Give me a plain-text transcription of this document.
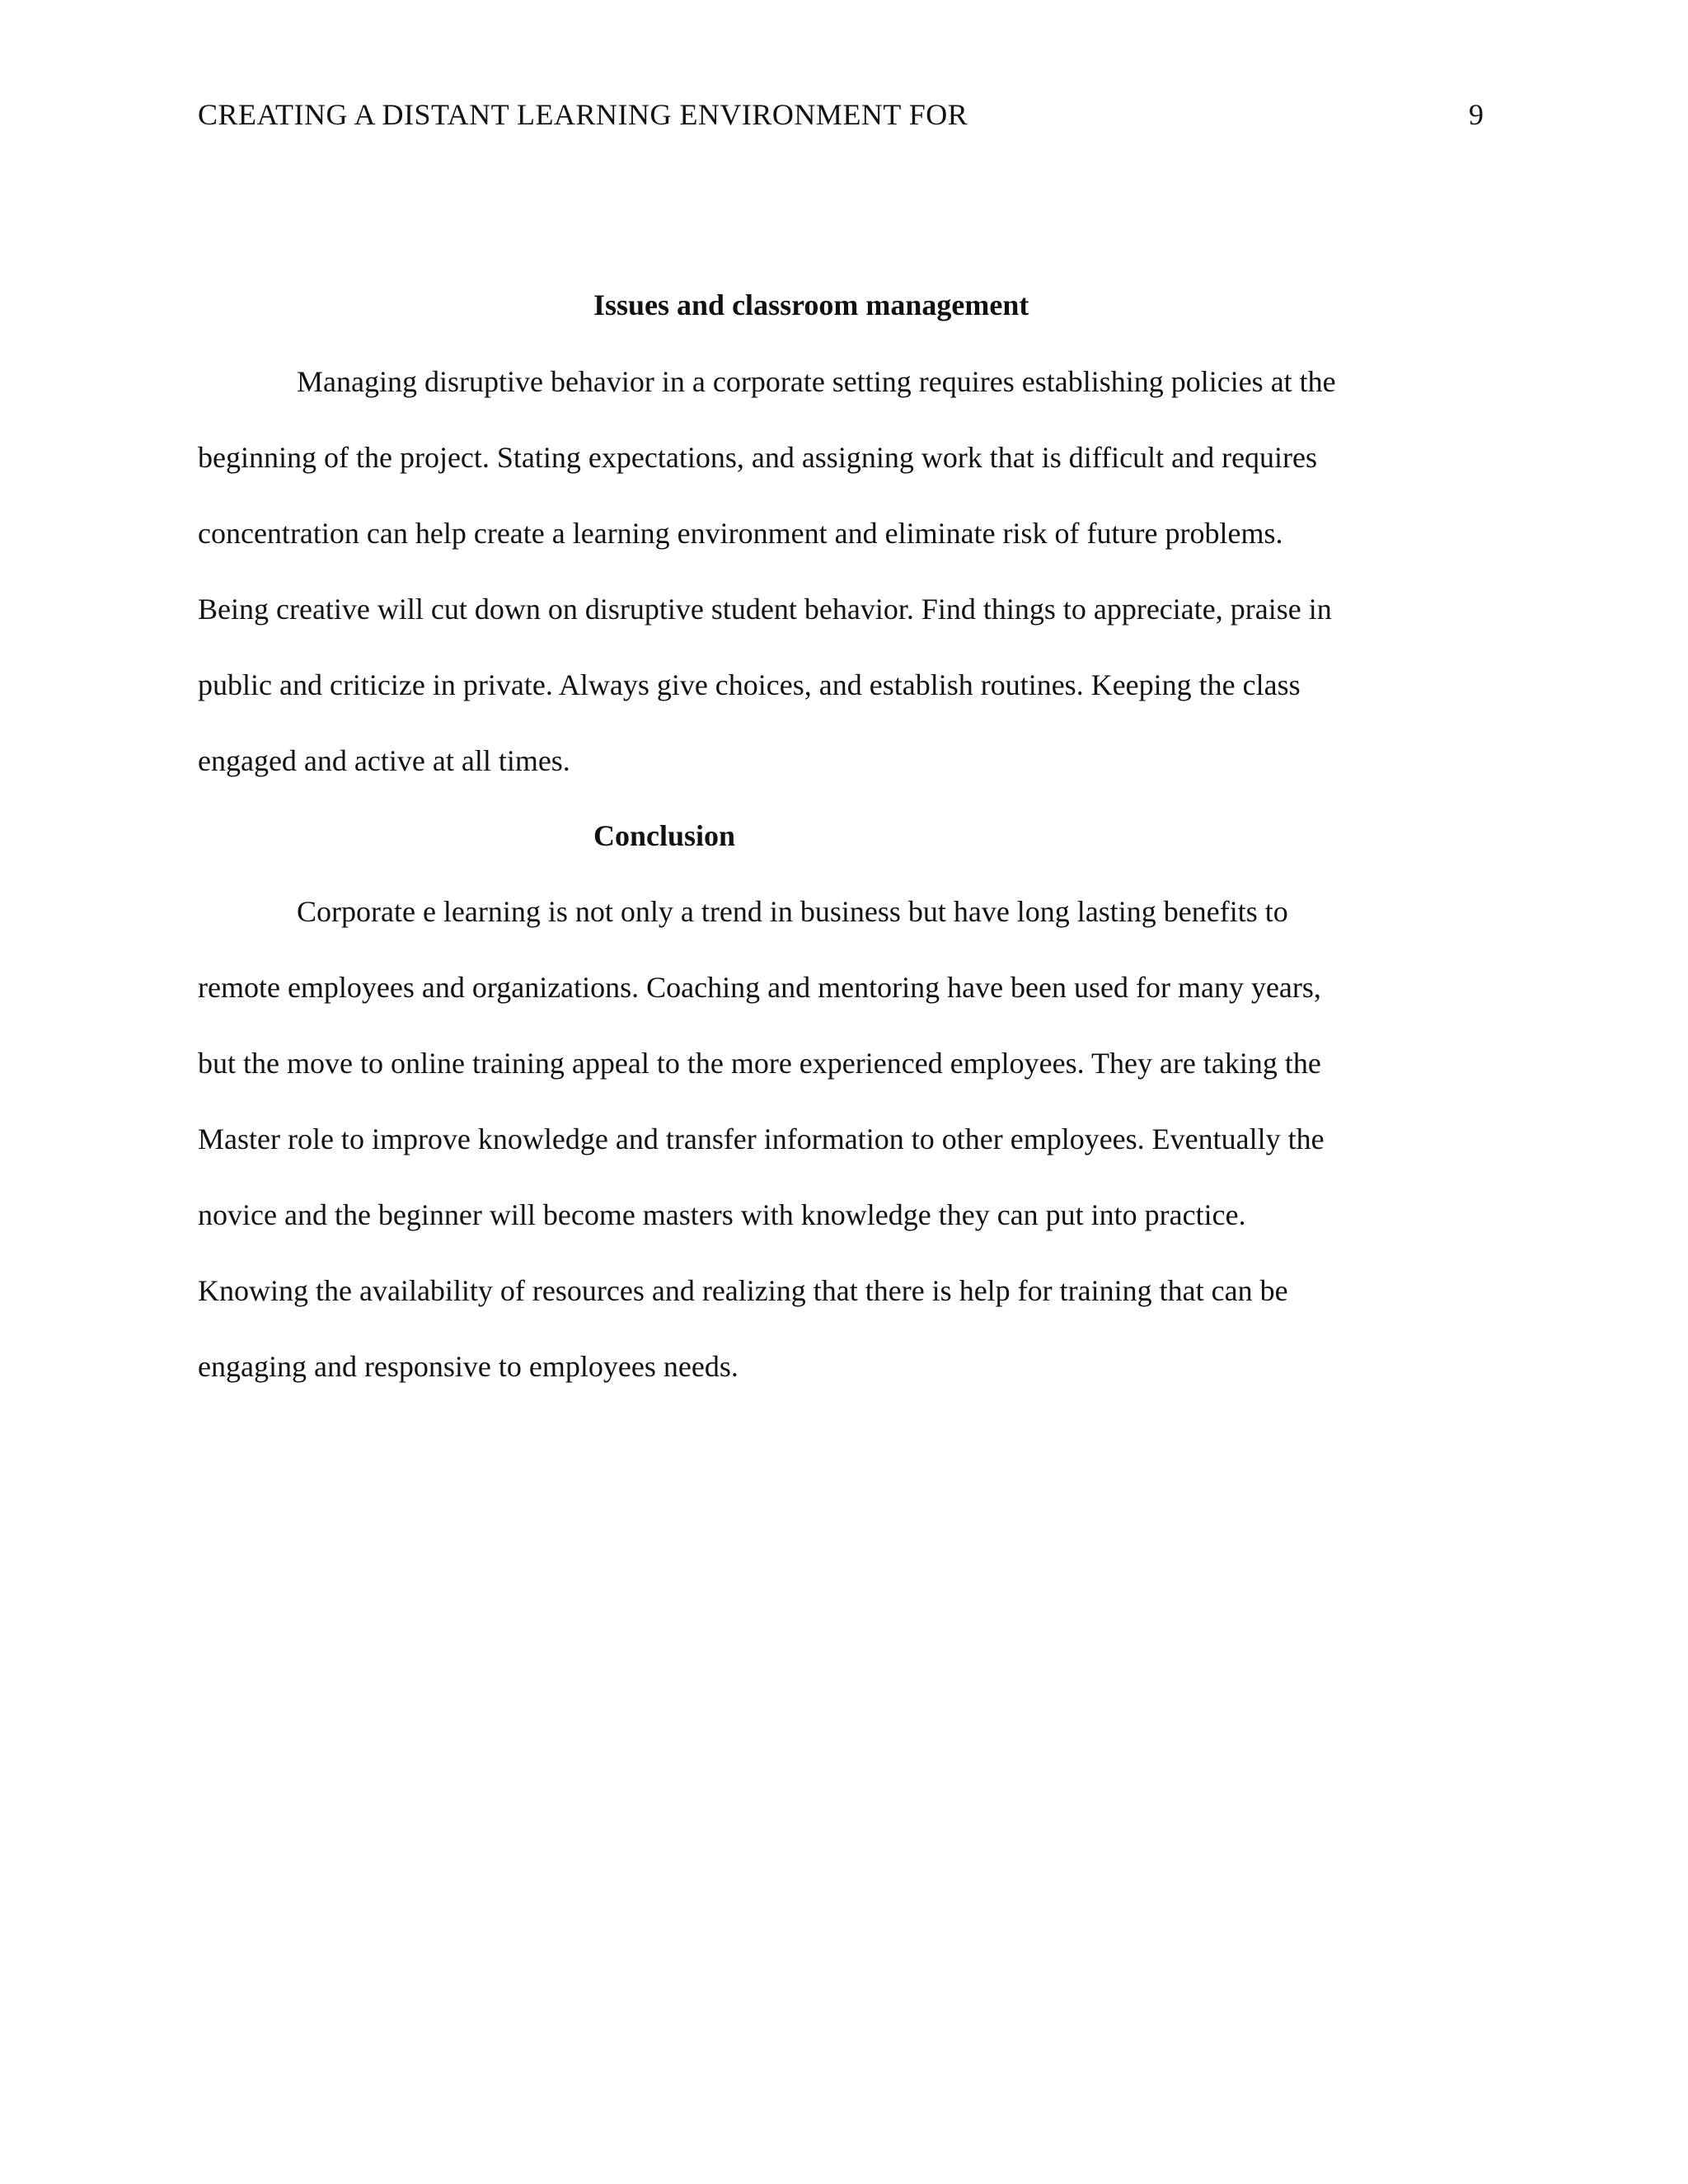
CREATING A DISTANT LEARNING ENVIRONMENT FOR	9
Issues and classroom management
Managing disruptive behavior in a corporate setting requires establishing policies at the
beginning of the project. Stating expectations, and assigning work that is difficult and requires
concentration can help create a learning environment and eliminate risk of future problems.
Being creative will cut down on disruptive student behavior. Find things to appreciate, praise in
public and criticize in private. Always give choices, and establish routines. Keeping the class
engaged and active at all times.
Conclusion
Corporate e learning is not only a trend in business but have long lasting benefits to
remote employees and organizations. Coaching and mentoring have been used for many years,
but the move to online training appeal to the more experienced employees. They are taking the
Master role to improve knowledge and transfer information to other employees. Eventually the
novice and the beginner will become masters with knowledge they can put into practice.
Knowing the availability of resources and realizing that there is help for training that can be
engaging and responsive to employees needs.
